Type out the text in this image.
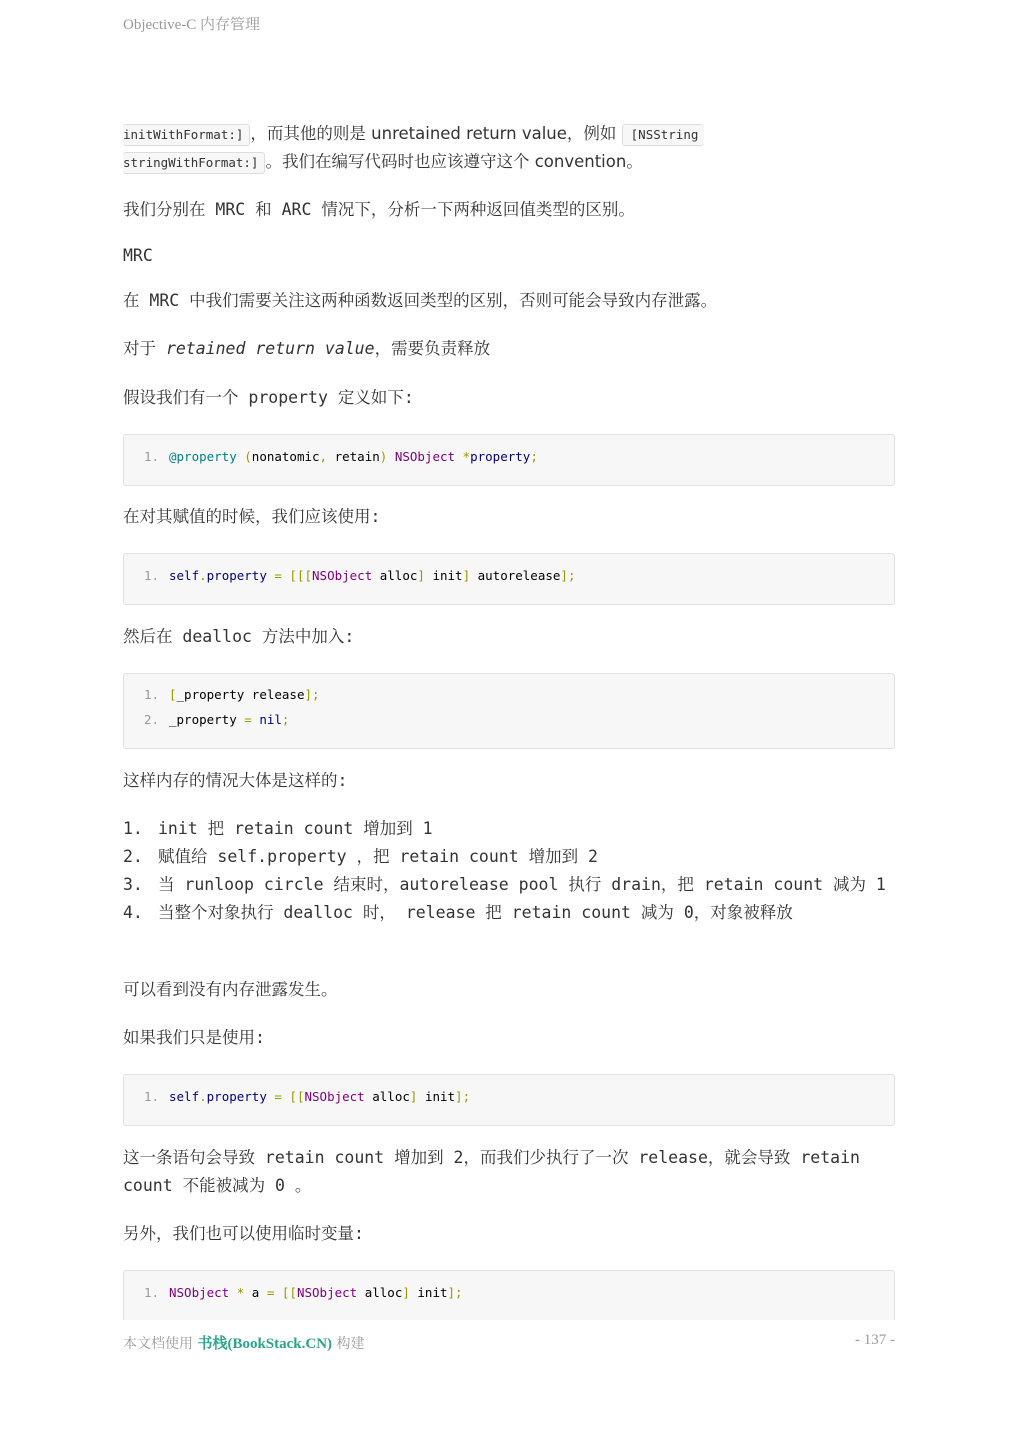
Objective-C 内存管理
initWithFormat:] ，而其他的则是 unretained return value，例如 [NSString
stringWithFormat:] 。我们在编写代码时也应该遵守这个 convention。
我们分别在 MRC 和 ARC 情况下，分析一下两种返回值类型的区别。
MRC
在 MRC 中我们需要关注这两种函数返回类型的区别，否则可能会导致内存泄露。
对于 retained return value，需要负责释放
假设我们有一个 property 定义如下:
1. @property (nonatomic, retain) NSObject *property;
在对其赋值的时候，我们应该使用:
1. self.property = [[[NSObject alloc] init] autorelease];
然后在 dealloc 方法中加入:
1. [_property release];
2. _property = nil;
这样内存的情况大体是这样的:
1. init 把 retain count 增加到 1
2. 赋值给 self.property ，把 retain count 增加到 2
3. 当 runloop circle 结束时，autorelease pool 执行 drain，把 retain count 减为 1
4. 当整个对象执行 dealloc 时， release 把 retain count 减为 0，对象被释放
可以看到没有内存泄露发生。
如果我们只是使用:
1. self.property = [[NSObject alloc] init];
这一条语句会导致 retain count 增加到 2，而我们少执行了一次 release，就会导致 retain count 不能被减为 0 。
另外，我们也可以使用临时变量:
1. NSObject * a = [[NSObject alloc] init];
本文档使用 书栈(BookStack.CN) 构建	- 137 -
